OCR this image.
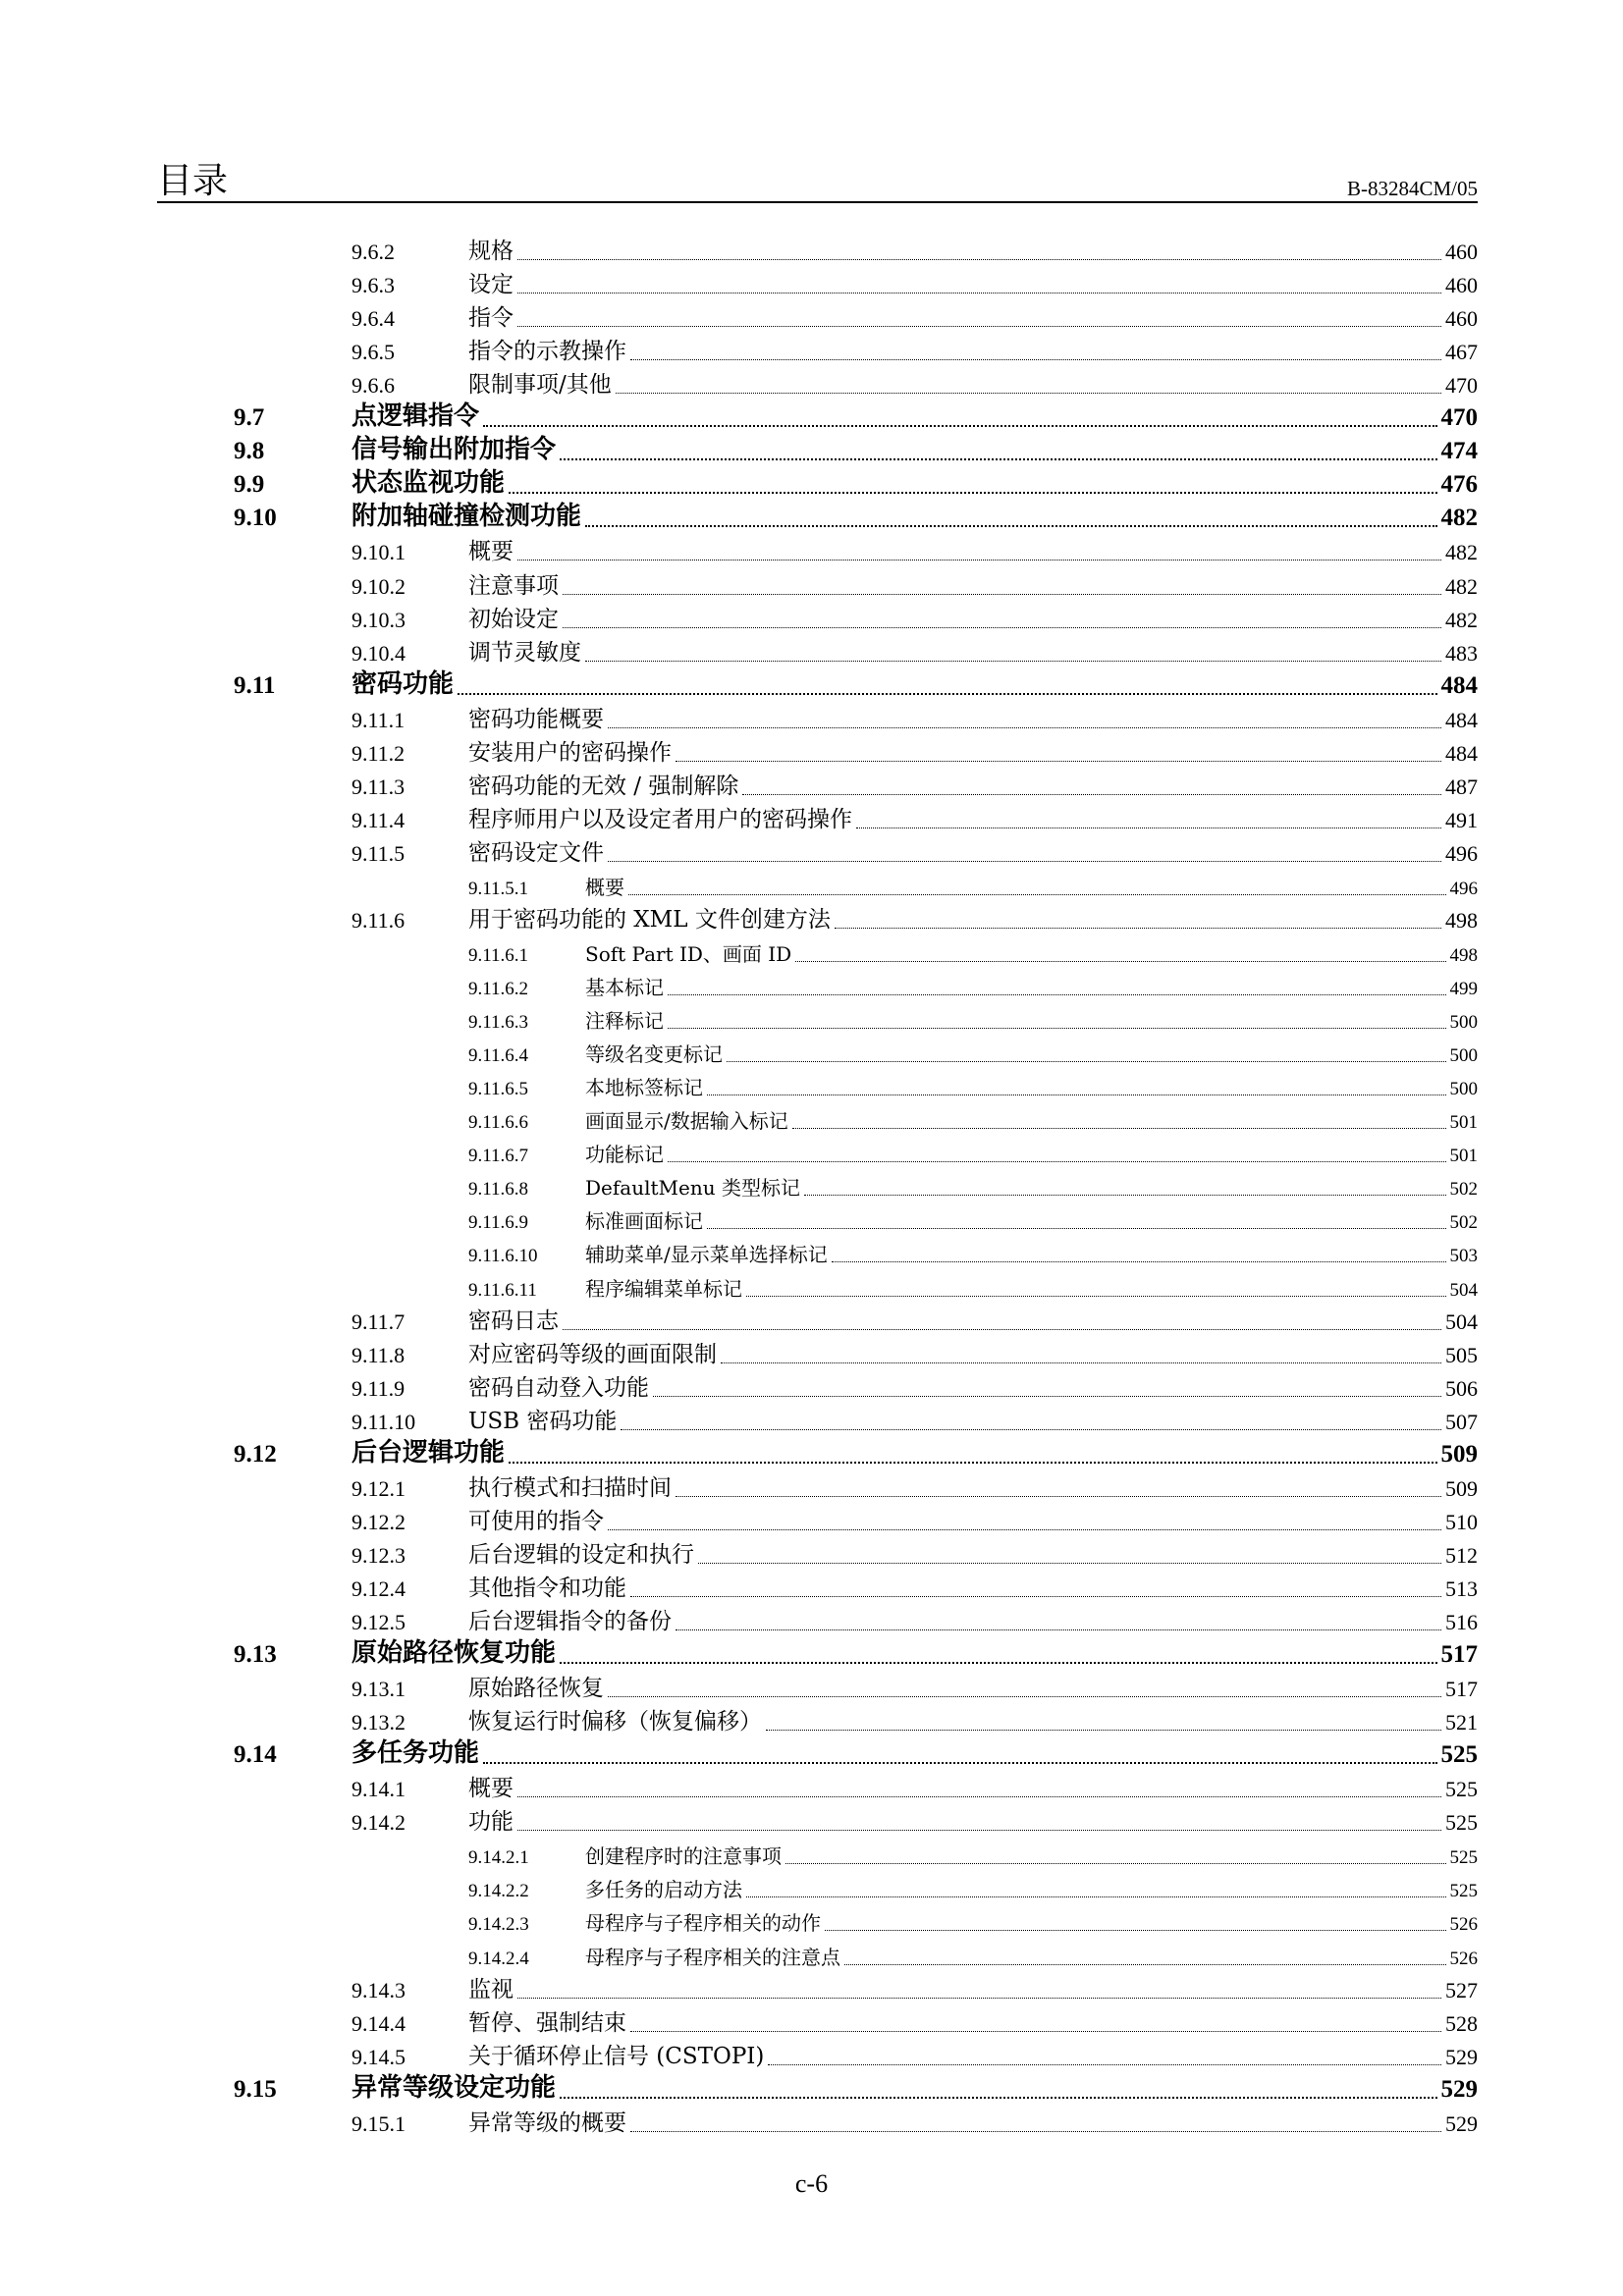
目录	B-83284CM/05
9.6.2	规格	460
9.6.3	设定	460
9.6.4	指令	460
9.6.5	指令的示教操作	467
9.6.6	限制事项/其他	470
9.7	点逻辑指令	470
9.8	信号输出附加指令	474
9.9	状态监视功能	476
9.10	附加轴碰撞检测功能	482
9.10.1	概要	482
9.10.2	注意事项	482
9.10.3	初始设定	482
9.10.4	调节灵敏度	483
9.11	密码功能	484
9.11.1	密码功能概要	484
9.11.2	安装用户的密码操作	484
9.11.3	密码功能的无效 / 强制解除	487
9.11.4	程序师用户以及设定者用户的密码操作	491
9.11.5	密码设定文件	496
9.11.5.1	概要	496
9.11.6	用于密码功能的 XML 文件创建方法	498
9.11.6.1	Soft Part ID、画面 ID	498
9.11.6.2	基本标记	499
9.11.6.3	注释标记	500
9.11.6.4	等级名变更标记	500
9.11.6.5	本地标签标记	500
9.11.6.6	画面显示/数据输入标记	501
9.11.6.7	功能标记	501
9.11.6.8	DefaultMenu 类型标记	502
9.11.6.9	标准画面标记	502
9.11.6.10 辅助菜单/显示菜单选择标记	503
9.11.6.11 程序编辑菜单标记	504
9.11.7	密码日志	504
9.11.8	对应密码等级的画面限制	505
9.11.9	密码自动登入功能	506
9.11.10 USB 密码功能	507
9.12	后台逻辑功能	509
9.12.1	执行模式和扫描时间	509
9.12.2	可使用的指令	510
9.12.3	后台逻辑的设定和执行	512
9.12.4	其他指令和功能	513
9.12.5	后台逻辑指令的备份	516
9.13	原始路径恢复功能	517
9.13.1	原始路径恢复	517
9.13.2	恢复运行时偏移（恢复偏移）	521
9.14	多任务功能	525
9.14.1	概要	525
9.14.2	功能	525
9.14.2.1	创建程序时的注意事项	525
9.14.2.2	多任务的启动方法	525
9.14.2.3	母程序与子程序相关的动作	526
9.14.2.4	母程序与子程序相关的注意点	526
9.14.3	监视	527
9.14.4	暂停、强制结束	528
9.14.5	关于循环停止信号 (CSTOPI)	529
9.15	异常等级设定功能	529
9.15.1	异常等级的概要	529
c-6
